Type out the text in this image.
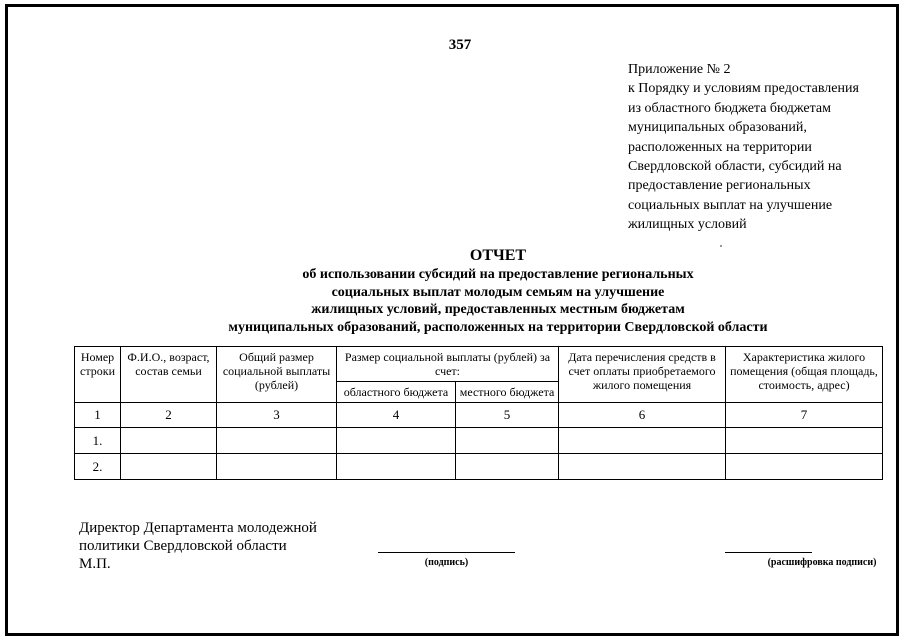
357
Приложение № 2
к Порядку и условиям предоставления
из областного бюджета бюджетам
муниципальных образований,
расположенных на территории
Свердловской области, субсидий на
предоставление региональных
социальных выплат на улучшение
жилищных условий
ОТЧЕТ
об использовании субсидий на предоставление региональных
социальных выплат молодым семьям на улучшение
жилищных условий, предоставленных местным бюджетам
муниципальных образований, расположенных на территории Свердловской области
Номер строки	Ф.И.О., возраст, состав семьи	Общий размер социальной выплаты (рублей)	Размер социальной выплаты (рублей) за счет:		Дата перечисления средств в счет оплаты приобретаемого жилого помещения	Характеристика жилого помещения (общая площадь, стоимость, адрес)
			областного бюджета	местного бюджета		
1	2	3	4	5	6	7
1.						
2.						
Директор Департамента молодежной
политики Свердловской области
М.П.	(подпись)	(расшифровка подписи)
